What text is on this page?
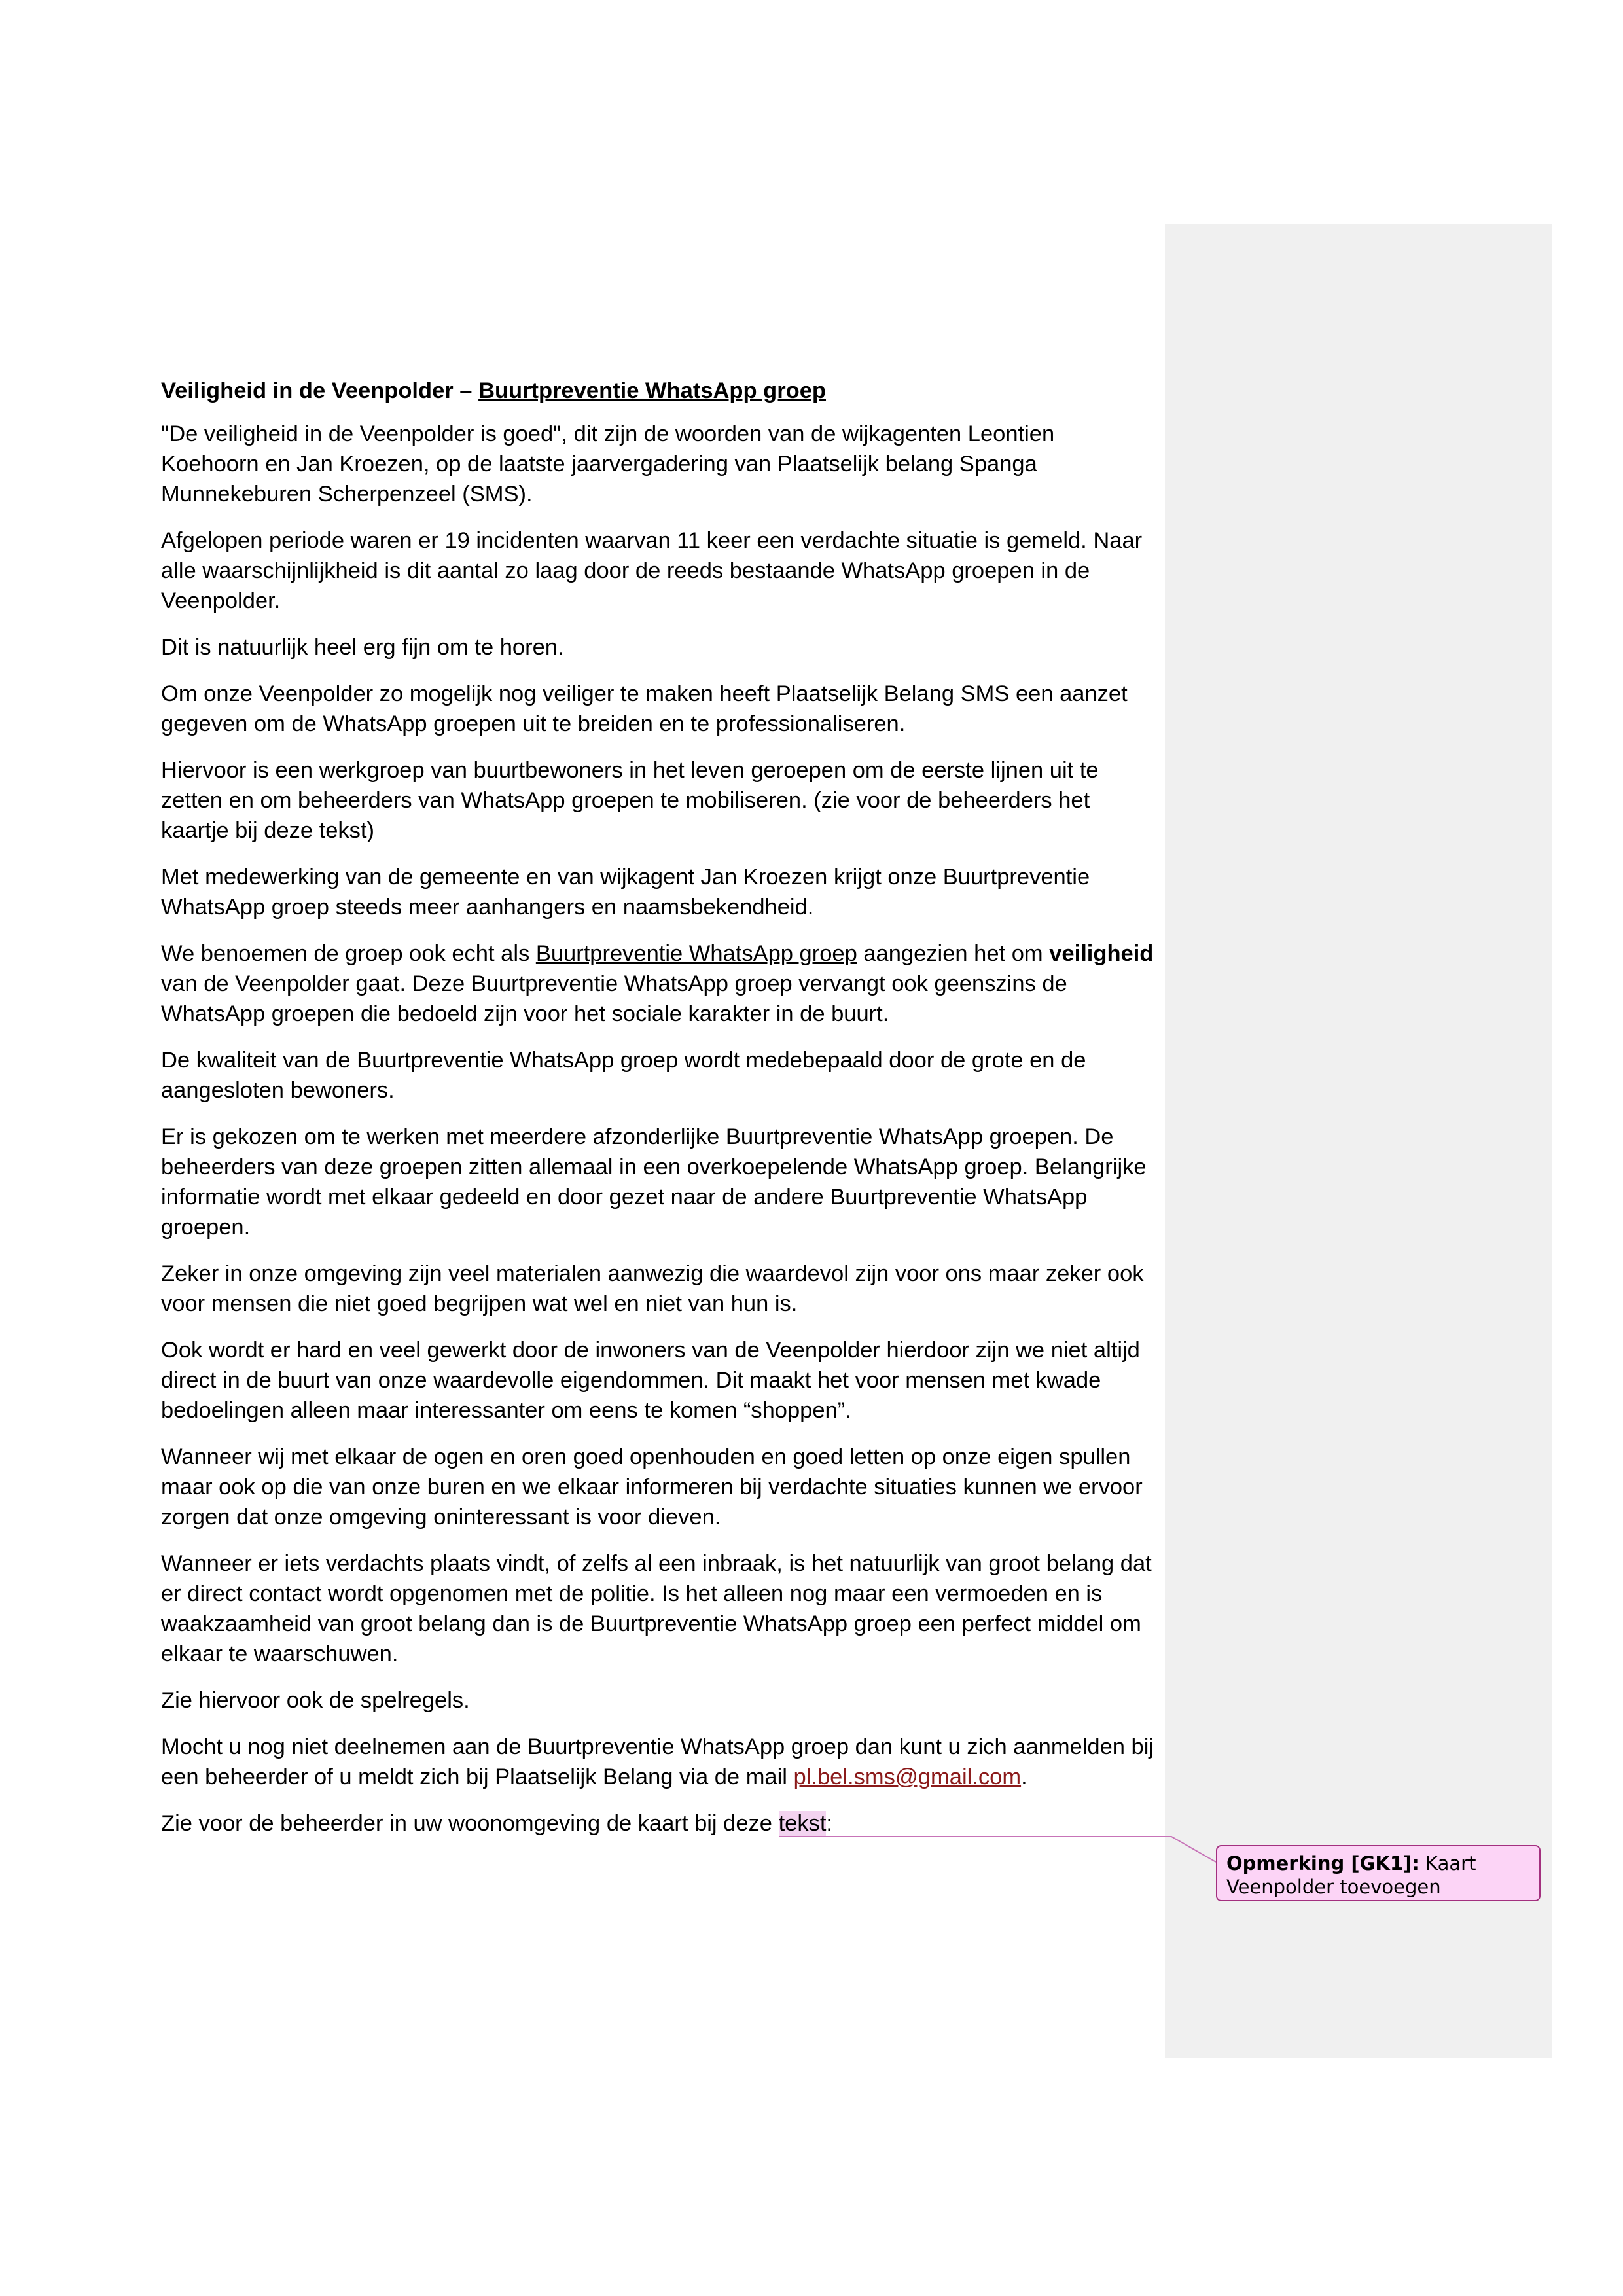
Veiligheid in de Veenpolder – Buurtpreventie WhatsApp groep

"De veiligheid in de Veenpolder is goed", dit zijn de woorden van de wijkagenten Leontien Koehoorn en Jan Kroezen, op de laatste jaarvergadering van Plaatselijk belang Spanga Munnekeburen Scherpenzeel (SMS).

Afgelopen periode waren er 19 incidenten waarvan 11 keer een verdachte situatie is gemeld. Naar alle waarschijnlijkheid is dit aantal zo laag door de reeds bestaande WhatsApp groepen in de Veenpolder.

Dit is natuurlijk heel erg fijn om te horen.

Om onze Veenpolder zo mogelijk nog veiliger te maken heeft Plaatselijk Belang SMS een aanzet gegeven om de WhatsApp groepen uit te breiden en te professionaliseren.

Hiervoor is een werkgroep van buurtbewoners in het leven geroepen om de eerste lijnen uit te zetten en om beheerders van WhatsApp groepen te mobiliseren. (zie voor de beheerders het kaartje bij deze tekst)

Met medewerking van de gemeente en van wijkagent Jan Kroezen krijgt onze Buurtpreventie WhatsApp groep steeds meer aanhangers en naamsbekendheid.

We benoemen de groep ook echt als Buurtpreventie WhatsApp groep aangezien het om veiligheid van de Veenpolder gaat. Deze Buurtpreventie WhatsApp groep vervangt ook geenszins de WhatsApp groepen die bedoeld zijn voor het sociale karakter in de buurt.

De kwaliteit van de Buurtpreventie WhatsApp groep wordt medebepaald door de grote en de aangesloten bewoners.

Er is gekozen om te werken met meerdere afzonderlijke Buurtpreventie WhatsApp groepen. De beheerders van deze groepen zitten allemaal in een overkoepelende WhatsApp groep. Belangrijke informatie wordt met elkaar gedeeld en door gezet naar de andere Buurtpreventie WhatsApp groepen.

Zeker in onze omgeving zijn veel materialen aanwezig die waardevol zijn voor ons maar zeker ook voor mensen die niet goed begrijpen wat wel en niet van hun is.

Ook wordt er hard en veel gewerkt door de inwoners van de Veenpolder hierdoor zijn we niet altijd direct in de buurt van onze waardevolle eigendommen. Dit maakt het voor mensen met kwade bedoelingen alleen maar interessanter om eens te komen “shoppen”.

Wanneer wij met elkaar de ogen en oren goed openhouden en goed letten op onze eigen spullen maar ook op die van onze buren en we elkaar informeren bij verdachte situaties kunnen we ervoor zorgen dat onze omgeving oninteressant is voor dieven.

Wanneer er iets verdachts plaats vindt, of zelfs al een inbraak, is het natuurlijk van groot belang dat er direct contact wordt opgenomen met de politie. Is het alleen nog maar een vermoeden en is waakzaamheid van groot belang dan is de Buurtpreventie WhatsApp groep een perfect middel om elkaar te waarschuwen.

Zie hiervoor ook de spelregels.

Mocht u nog niet deelnemen aan de Buurtpreventie WhatsApp groep dan kunt u zich aanmelden bij een beheerder of u meldt zich bij Plaatselijk Belang via de mail pl.bel.sms@gmail.com.

Zie voor de beheerder in uw woonomgeving de kaart bij deze tekst:

Opmerking [GK1]: Kaart Veenpolder toevoegen
